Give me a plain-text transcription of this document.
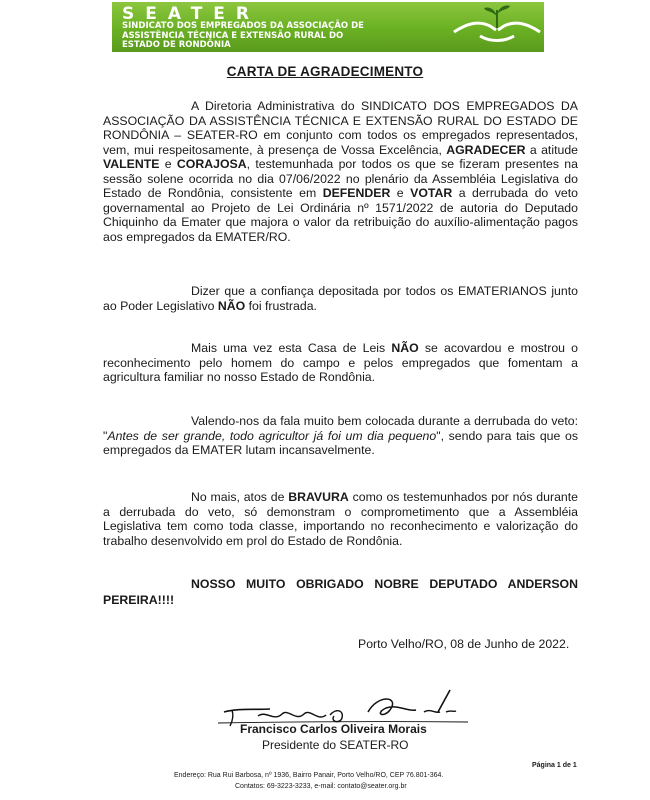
SEATER
SINDICATO DOS EMPREGADOS DA ASSOCIAÇÃO DE
ASSISTÊNCIA TÉCNICA E EXTENSÃO RURAL DO
ESTADO DE RONDÔNIA
CARTA DE AGRADECIMENTO

A Diretoria Administrativa do SINDICATO DOS EMPREGADOS DA ASSOCIAÇÃO DA ASSISTÊNCIA TÉCNICA E EXTENSÃO RURAL DO ESTADO DE RONDÔNIA – SEATER-RO em conjunto com todos os empregados representados, vem, mui respeitosamente, à presença de Vossa Excelência, AGRADECER a atitude VALENTE e CORAJOSA, testemunhada por todos os que se fizeram presentes na sessão solene ocorrida no dia 07/06/2022 no plenário da Assembléia Legislativa do Estado de Rondônia, consistente em DEFENDER e VOTAR a derrubada do veto governamental ao Projeto de Lei Ordinária nº 1571/2022 de autoria do Deputado Chiquinho da Emater que majora o valor da retribuição do auxílio-alimentação pagos aos empregados da EMATER/RO.

Dizer que a confiança depositada por todos os EMATERIANOS junto ao Poder Legislativo NÃO foi frustrada.

Mais uma vez esta Casa de Leis NÃO se acovardou e mostrou o reconhecimento pelo homem do campo e pelos empregados que fomentam a agricultura familiar no nosso Estado de Rondônia.

Valendo-nos da fala muito bem colocada durante a derrubada do veto: "Antes de ser grande, todo agricultor já foi um dia pequeno", sendo para tais que os empregados da EMATER lutam incansavelmente.

No mais, atos de BRAVURA como os testemunhados por nós durante a derrubada do veto, só demonstram o comprometimento que a Assembléia Legislativa tem como toda classe, importando no reconhecimento e valorização do trabalho desenvolvido em prol do Estado de Rondônia.

NOSSO MUITO OBRIGADO NOBRE DEPUTADO ANDERSON PEREIRA!!!!
Porto Velho/RO, 08 de Junho de 2022.
Francisco Carlos Oliveira Morais
Presidente do SEATER-RO
Página 1 de 1
Endereço: Rua Rui Barbosa, nº 1936, Bairro Panair, Porto Velho/RO, CEP 76.801-364.
Contatos: 69-3223-3233, e-mail: contato@seater.org.br
